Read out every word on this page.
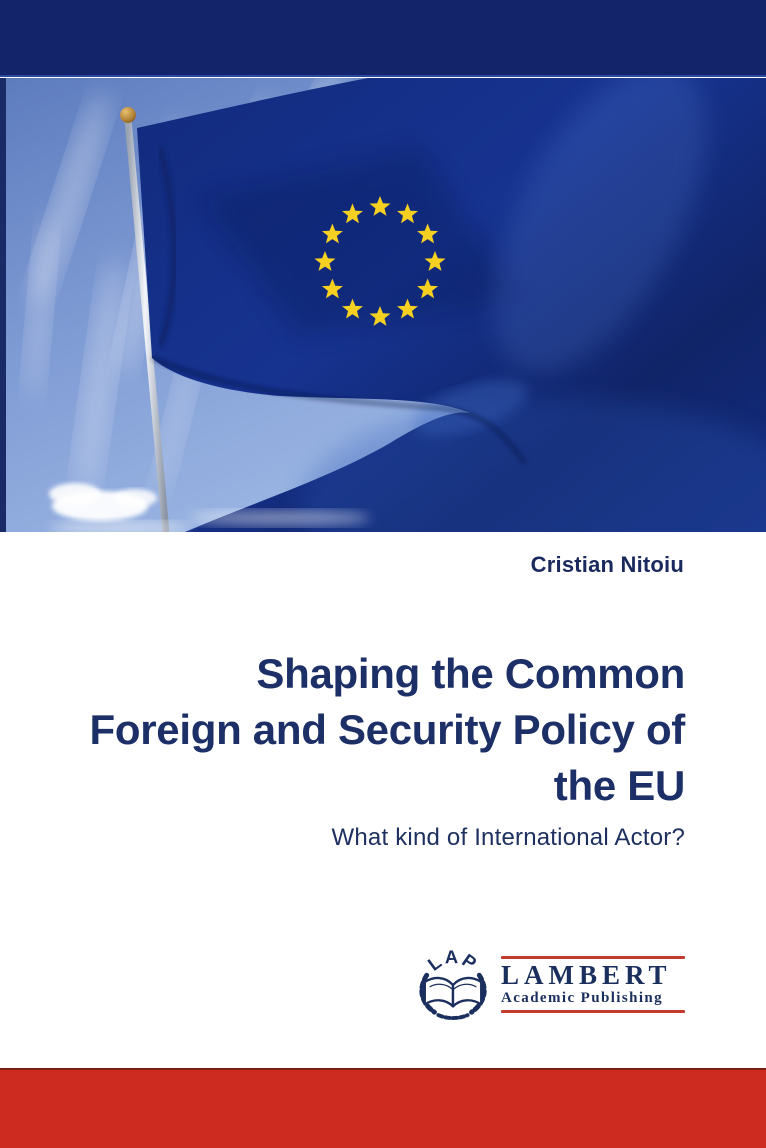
Cristian Nitoiu
Shaping the Common
Foreign and Security Policy of
the EU
What kind of International Actor?
LAP LAMBERT
Academic Publishing
